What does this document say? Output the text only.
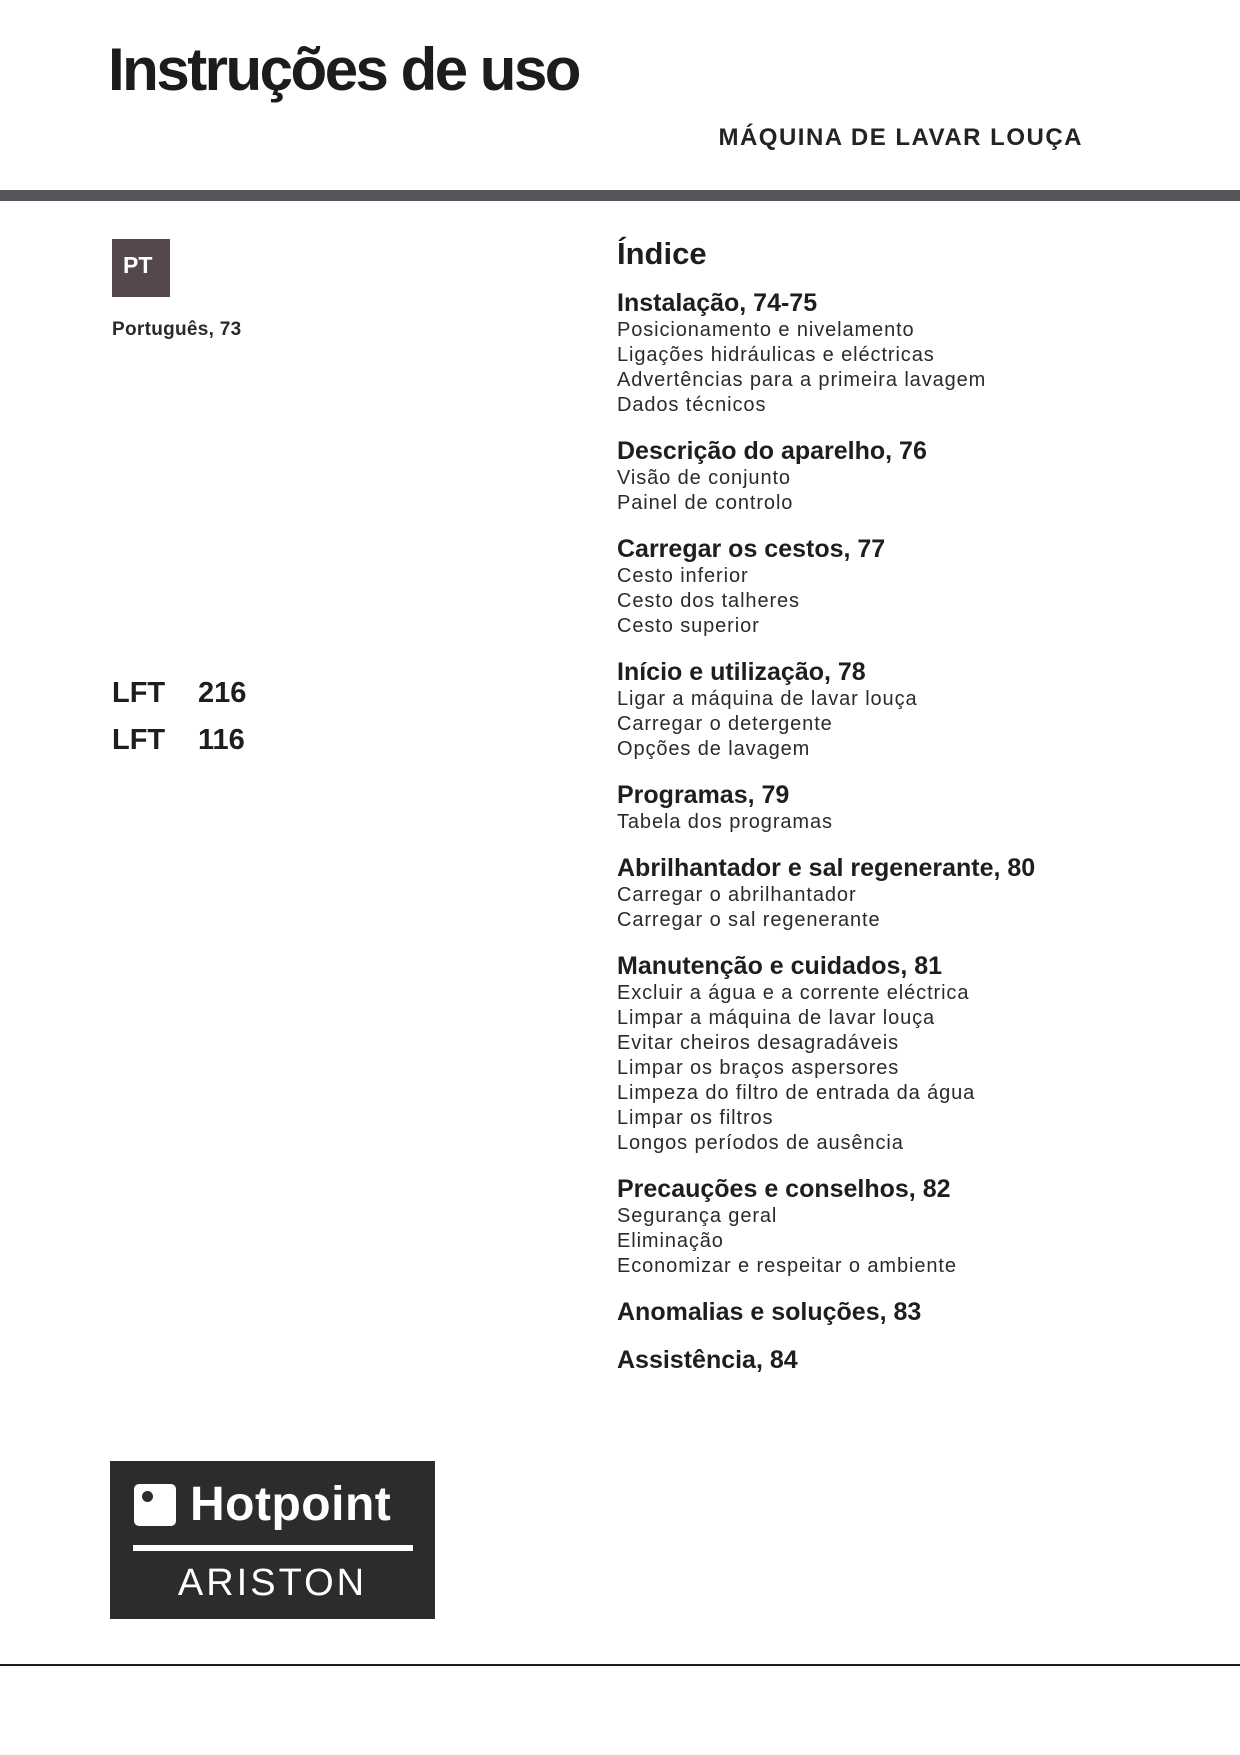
Instruções de uso
MÁQUINA DE LAVAR LOUÇA
PT
Português, 73
LFT 216
LFT 116
Índice
Instalação, 74-75
Posicionamento e nivelamento
Ligações hidráulicas e eléctricas
Advertências para a primeira lavagem
Dados técnicos
Descrição do aparelho, 76
Visão de conjunto
Painel de controlo
Carregar os cestos, 77
Cesto inferior
Cesto dos talheres
Cesto superior
Início e utilização, 78
Ligar a máquina de lavar louça
Carregar o detergente
Opções de lavagem
Programas, 79
Tabela dos programas
Abrilhantador e sal regenerante, 80
Carregar o abrilhantador
Carregar o sal regenerante
Manutenção e cuidados, 81
Excluir a água e a corrente eléctrica
Limpar a máquina de lavar louça
Evitar cheiros desagradáveis
Limpar os braços aspersores
Limpeza do filtro de entrada da água
Limpar os filtros
Longos períodos de ausência
Precauções e conselhos, 82
Segurança geral
Eliminação
Economizar e respeitar o ambiente
Anomalias e soluções, 83
Assistência, 84
Hotpoint
ARISTON
